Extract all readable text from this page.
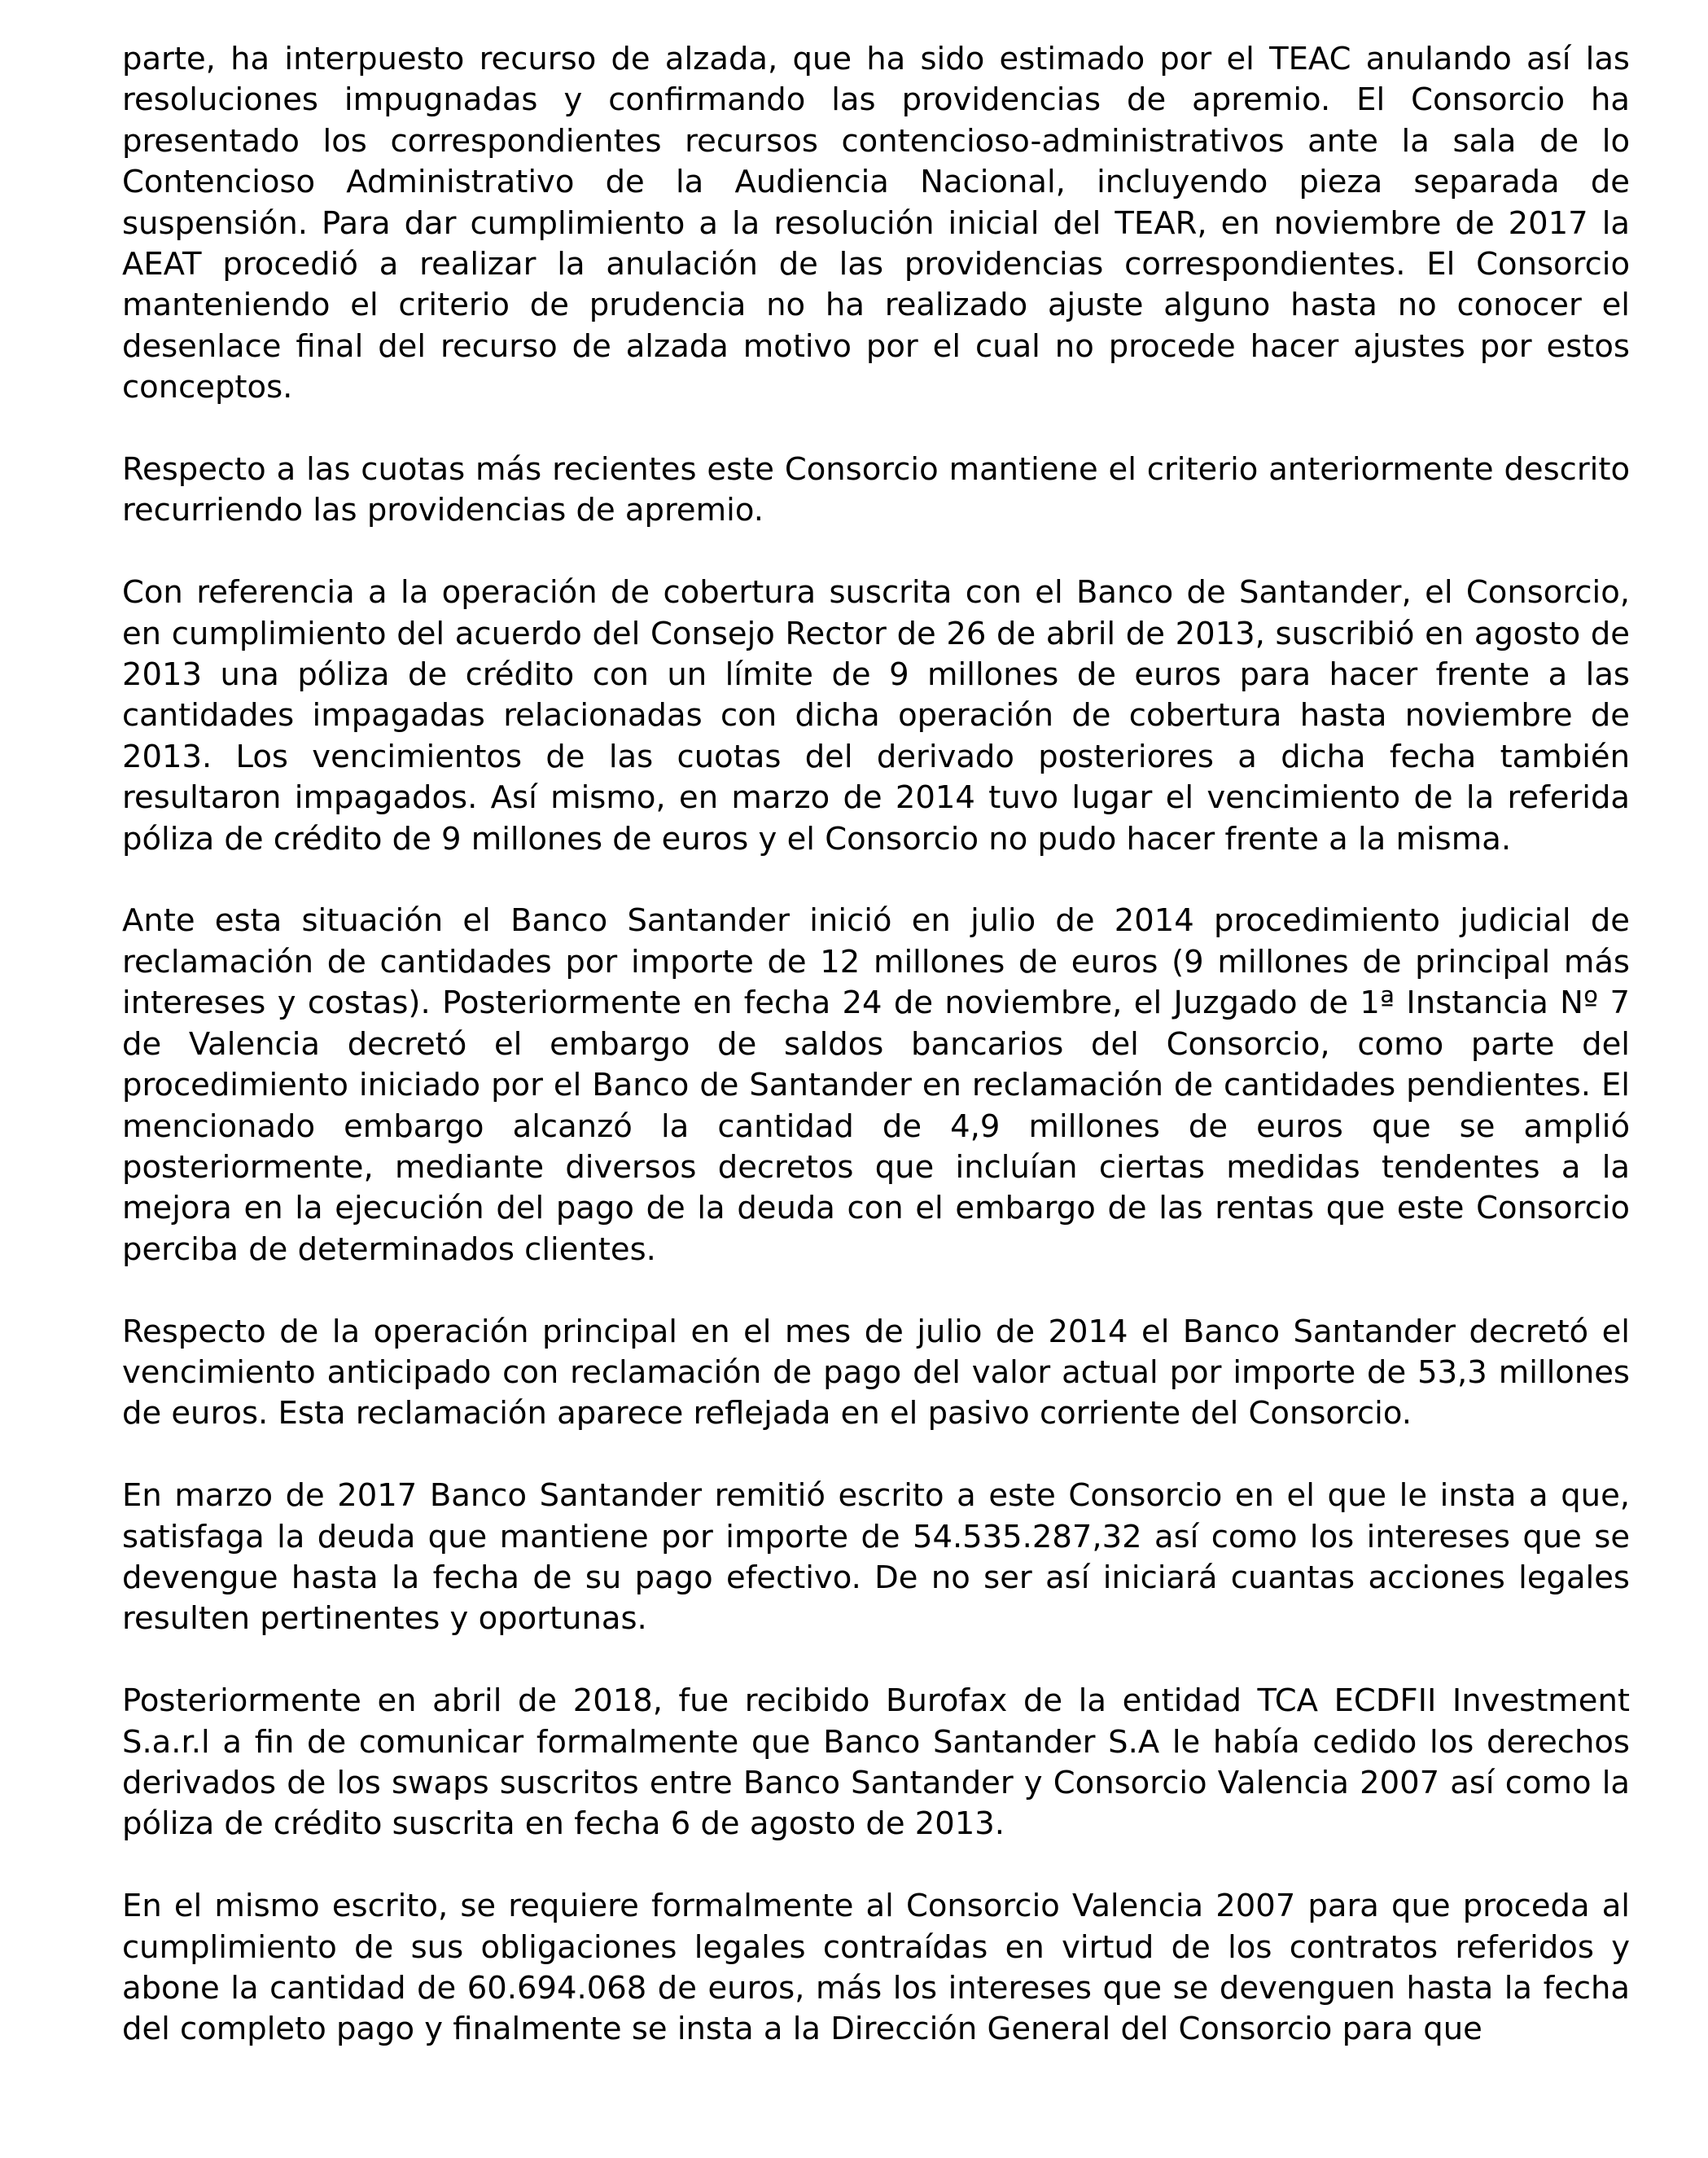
parte, ha interpuesto recurso de alzada, que ha sido estimado por el TEAC anulando así las resoluciones impugnadas y confirmando las providencias de apremio. El Consorcio ha presentado los correspondientes recursos contencioso-administrativos ante la sala de lo Contencioso Administrativo de la Audiencia Nacional, incluyendo pieza separada de suspensión. Para dar cumplimiento a la resolución inicial del TEAR, en noviembre de 2017 la AEAT procedió a realizar la anulación de las providencias correspondientes. El Consorcio manteniendo el criterio de prudencia no ha realizado ajuste alguno hasta no conocer el desenlace final del recurso de alzada motivo por el cual no procede hacer ajustes por estos conceptos.

Respecto a las cuotas más recientes este Consorcio mantiene el criterio anteriormente descrito recurriendo las providencias de apremio.

Con referencia a la operación de cobertura suscrita con el Banco de Santander, el Consorcio, en cumplimiento del acuerdo del Consejo Rector de 26 de abril de 2013, suscribió en agosto de 2013 una póliza de crédito con un límite de 9 millones de euros para hacer frente a las cantidades impagadas relacionadas con dicha operación de cobertura hasta noviembre de 2013. Los vencimientos de las cuotas del derivado posteriores a dicha fecha también resultaron impagados. Así mismo, en marzo de 2014 tuvo lugar el vencimiento de la referida póliza de crédito de 9 millones de euros y el Consorcio no pudo hacer frente a la misma.

Ante esta situación el Banco Santander inició en julio de 2014 procedimiento judicial de reclamación de cantidades por importe de 12 millones de euros (9 millones de principal más intereses y costas). Posteriormente en fecha 24 de noviembre, el Juzgado de 1ª Instancia Nº 7 de Valencia decretó el embargo de saldos bancarios del Consorcio, como parte del procedimiento iniciado por el Banco de Santander en reclamación de cantidades pendientes. El mencionado embargo alcanzó la cantidad de 4,9 millones de euros que se amplió posteriormente, mediante diversos decretos que incluían ciertas medidas tendentes a la mejora en la ejecución del pago de la deuda con el embargo de las rentas que este Consorcio perciba de determinados clientes.

Respecto de la operación principal en el mes de julio de 2014 el Banco Santander decretó el vencimiento anticipado con reclamación de pago del valor actual por importe de 53,3 millones de euros. Esta reclamación aparece reflejada en el pasivo corriente del Consorcio.

En marzo de 2017 Banco Santander remitió escrito a este Consorcio en el que le insta a que, satisfaga la deuda que mantiene por importe de 54.535.287,32 así como los intereses que se devengue hasta la fecha de su pago efectivo. De no ser así iniciará cuantas acciones legales resulten pertinentes y oportunas.

Posteriormente en abril de 2018, fue recibido Burofax de la entidad TCA ECDFII Investment S.a.r.l a fin de comunicar formalmente que Banco Santander S.A le había cedido los derechos derivados de los swaps suscritos entre Banco Santander y Consorcio Valencia 2007 así como la póliza de crédito suscrita en fecha 6 de agosto de 2013.

En el mismo escrito, se requiere formalmente al Consorcio Valencia 2007 para que proceda al cumplimiento de sus obligaciones legales contraídas en virtud de los contratos referidos y abone la cantidad de 60.694.068 de euros, más los intereses que se devenguen hasta la fecha del completo pago y finalmente se insta a la Dirección General del Consorcio para que
